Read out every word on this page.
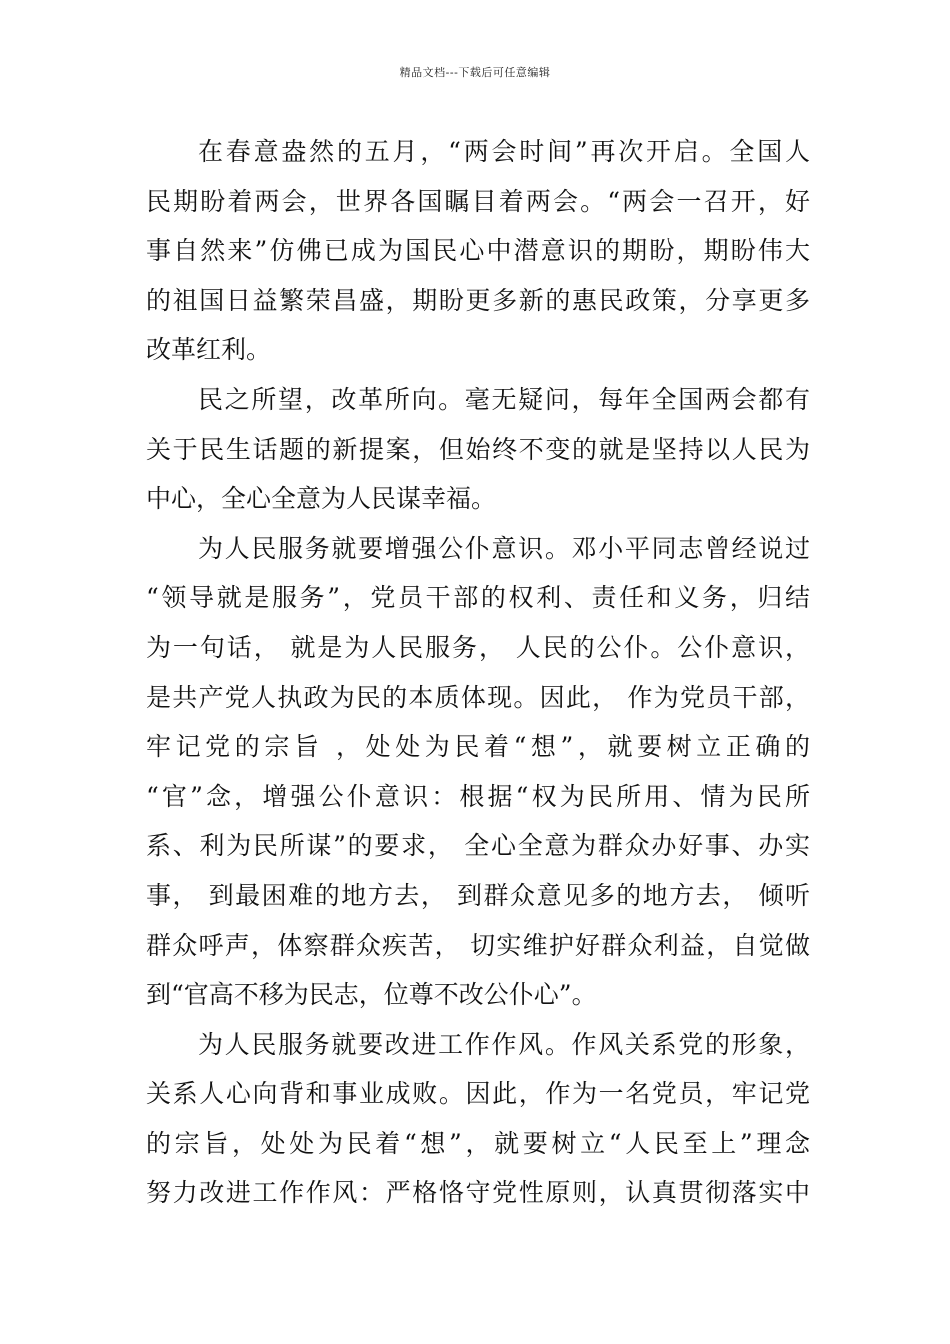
精品文档---下载后可任意编辑
在春意盎然的五月，“两会时间”再次开启。全国人
民期盼着两会，世界各国瞩目着两会。“两会一召开，好
事自然来”仿佛已成为国民心中潜意识的期盼，期盼伟大
的祖国日益繁荣昌盛，期盼更多新的惠民政策，分享更多
改革红利。
民之所望，改革所向。毫无疑问，每年全国两会都有
关于民生话题的新提案，但始终不变的就是坚持以人民为
中心，全心全意为人民谋幸福。
为人民服务就要增强公仆意识。邓小平同志曾经说过
“领导就是服务”，党员干部的权利、责任和义务，归结
为一句话， 就是为人民服务， 人民的公仆。公仆意识，
是共产党人执政为民的本质体现。因此， 作为党员干部，
牢记党的宗旨 ，处处为民着“想”，就要树立正确的
“官”念，增强公仆意识：根据“权为民所用、情为民所
系、利为民所谋”的要求， 全心全意为群众办好事、办实
事， 到最困难的地方去， 到群众意见多的地方去， 倾听
群众呼声，体察群众疾苦， 切实维护好群众利益，自觉做
到“官高不移为民志，位尊不改公仆心”。
为人民服务就要改进工作作风。作风关系党的形象，
关系人心向背和事业成败。因此，作为一名党员，牢记党
的宗旨，处处为民着“想”，就要树立“人民至上”理念
努力改进工作作风：严格恪守党性原则，认真贯彻落实中
